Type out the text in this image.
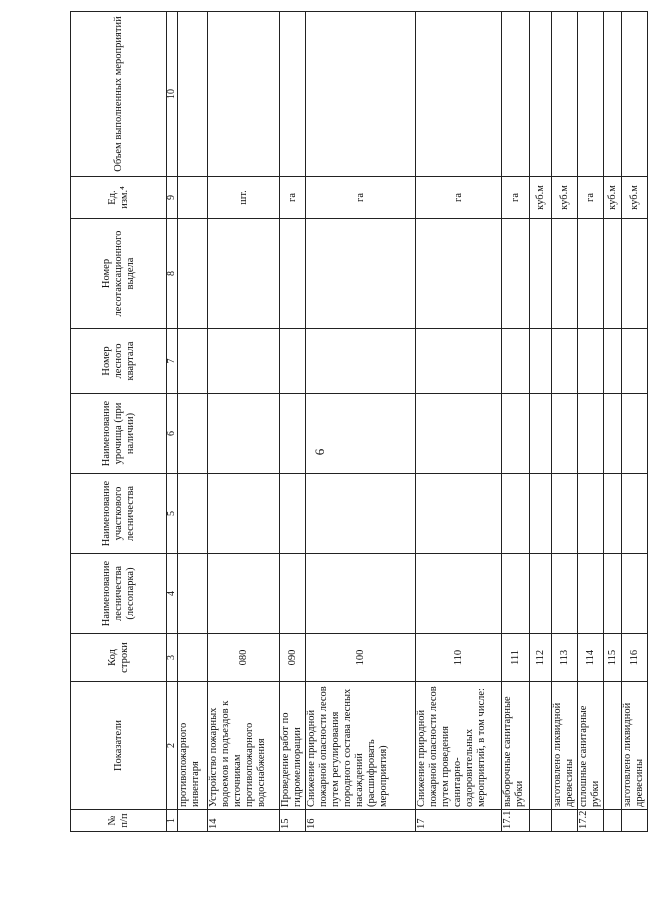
6
№ п/п	Показатели	Код строки	Наименование лесничества (лесопарка)	Наименование участкового лесничества	Наименование урочища (при наличии)	Номер лесного квартала	Номер лесотаксационного выдела	Ед. изм.⁴	Объем выполненных мероприятий
1	2	3	4	5	6	7	8	9	10
	противопожарного инвентаря								
14	Устройство пожарных водоемов и подъездов к источникам противопожарного водоснабжения	080						шт.	
15	Проведение работ по гидромелиорации	090						га	
16	Снижение природной пожарной опасности лесов путем регулирования породного состава лесных насаждений (расшифровать мероприятия)	100						га	
17	Снижение природной пожарной опасности лесов путем проведения санитарно-оздоровительных мероприятий, в том числе:	110						га	
17.1	выборочные санитарные рубки	111						га	
		112						куб.м	
	заготовлено ликвидной древесины	113						куб.м	
17.2	сплошные санитарные рубки	114						га	
		115						куб.м	
	заготовлено ликвидной древесины	116						куб.м	
